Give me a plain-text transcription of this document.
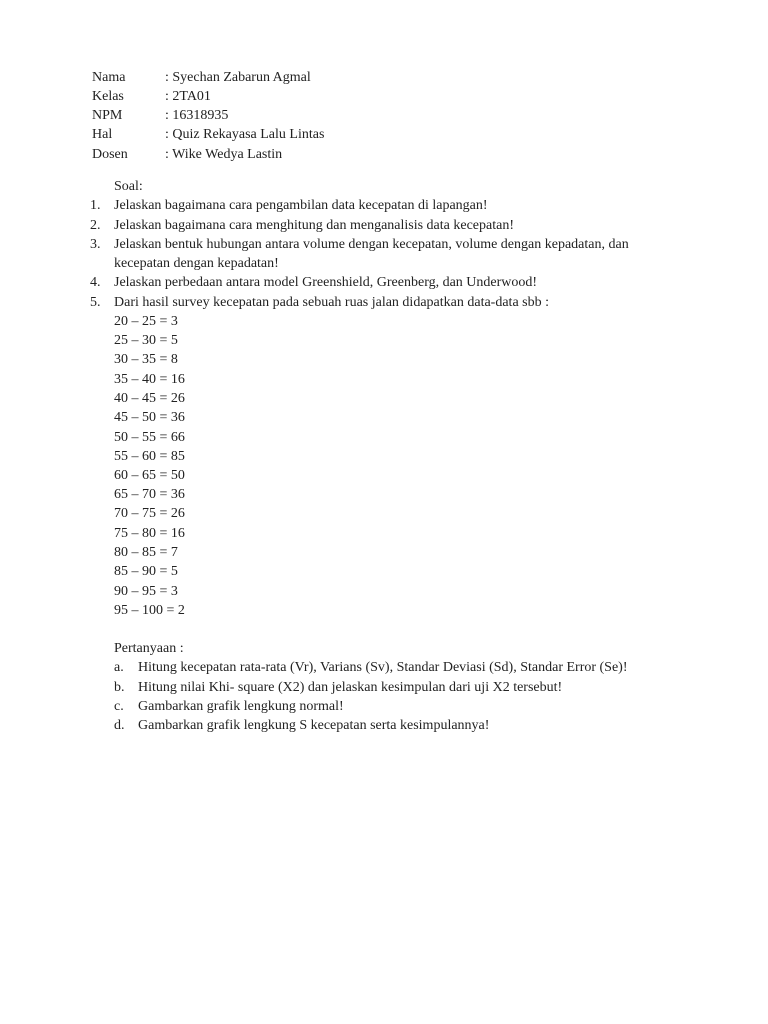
Nama	: Syechan Zabarun Agmal
Kelas	: 2TA01
NPM	: 16318935
Hal	: Quiz Rekayasa Lalu Lintas
Dosen	: Wike Wedya Lastin
Soal:
1. Jelaskan bagaimana cara pengambilan data kecepatan di lapangan!
2. Jelaskan bagaimana cara menghitung dan menganalisis data kecepatan!
3. Jelaskan bentuk hubungan antara volume dengan kecepatan, volume dengan kepadatan, dan
kecepatan dengan kepadatan!
4. Jelaskan perbedaan antara model Greenshield, Greenberg, dan Underwood!
5. Dari hasil survey kecepatan pada sebuah ruas jalan didapatkan data-data sbb :
20 – 25 = 3
25 – 30 = 5
30 – 35 = 8
35 – 40 = 16
40 – 45 = 26
45 – 50 = 36
50 – 55 = 66
55 – 60 = 85
60 – 65 = 50
65 – 70 = 36
70 – 75 = 26
75 – 80 = 16
80 – 85 = 7
85 – 90 = 5
90 – 95 = 3
95 – 100 = 2
Pertanyaan :
a. Hitung kecepatan rata-rata (Vr), Varians (Sv), Standar Deviasi (Sd), Standar Error (Se)!
b. Hitung nilai Khi- square (X2) dan jelaskan kesimpulan dari uji X2 tersebut!
c. Gambarkan grafik lengkung normal!
d. Gambarkan grafik lengkung S kecepatan serta kesimpulannya!
